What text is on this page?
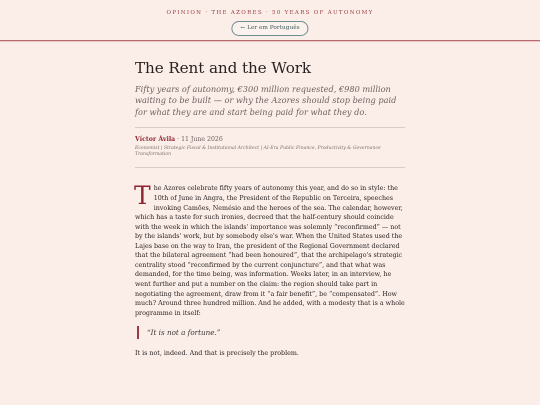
OPINION · THE AZORES · 50 YEARS OF AUTONOMY
← Ler em Português
The Rent and the Work
Fifty years of autonomy, €300 million requested, €980 million waiting to be built — or why the Azores should stop being paid for what they are and start being paid for what they do.
Víctor Ávila · 11 June 2026
Economist | Strategic Fiscal & Institutional Architect | AI-Era Public Finance, Productivity & Governance Transformation
The Azores celebrate fifty years of autonomy this year, and do so in style: the 10th of June in Angra, the President of the Republic on Terceira, speeches invoking Camões, Nemésio and the heroes of the sea. The calendar, however, which has a taste for such ironies, decreed that the half-century should coincide with the week in which the islands' importance was solemnly “reconfirmed” — not by the islands' work, but by somebody else's war. When the United States used the Lajes base on the way to Iran, the president of the Regional Government declared that the bilateral agreement “had been honoured”, that the archipelago's strategic centrality stood “reconfirmed by the current conjuncture”, and that what was demanded, for the time being, was information. Weeks later, in an interview, he went further and put a number on the claim: the region should take part in negotiating the agreement, draw from it “a fair benefit”, be “compensated”. How much? Around three hundred million. And he added, with a modesty that is a whole programme in itself:
“It is not a fortune.”
It is not, indeed. And that is precisely the problem.
